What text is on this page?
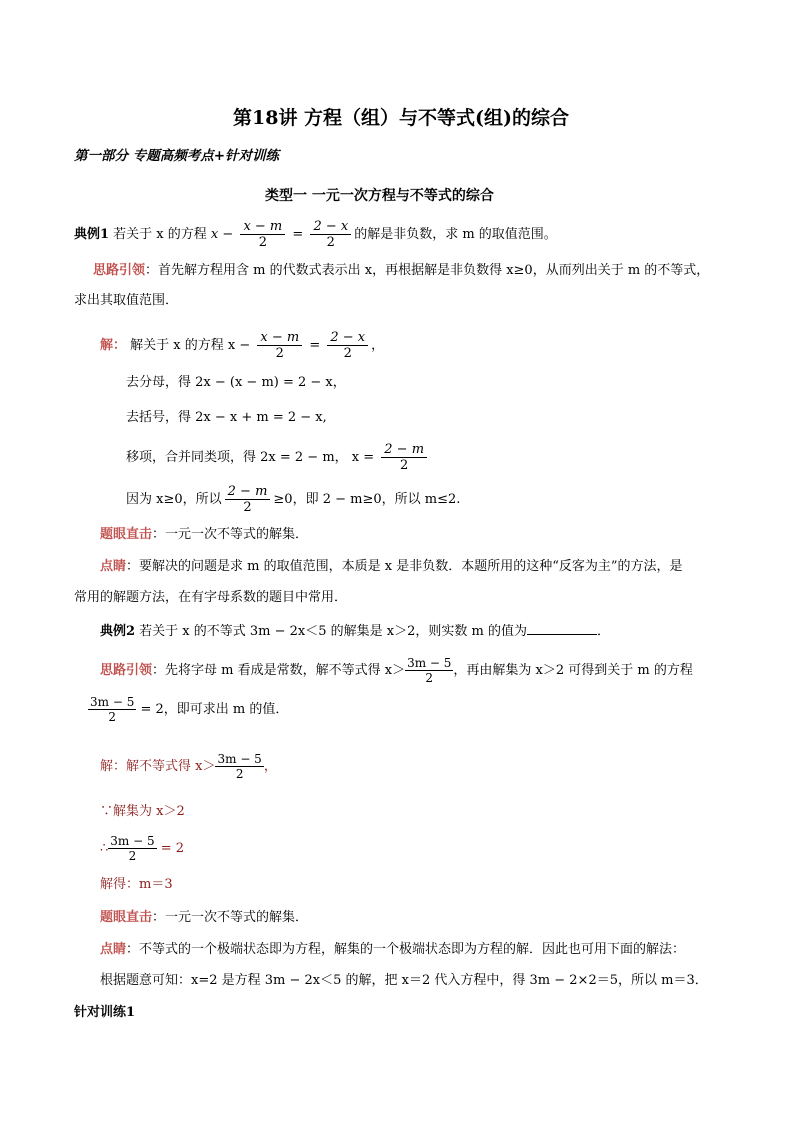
第18讲 方程（组）与不等式(组)的综合
第一部分 专题高频考点+针对训练
类型一 一元一次方程与不等式的综合
典例1 若关于 x 的方程 $x - \frac{x - m}{2} = \frac{2 - x}{2}$ 的解是非负数，求 m 的取值范围。
思路引领：首先解方程用含 m 的代数式表示出 x，再根据解是非负数得 x≥0，从而列出关于 m 的不等式，
求出其取值范围．
解： 解关于 x 的方程 $x - \frac{x - m}{2} = \frac{2 - x}{2}$ ，
去分母，得 2x − (x − m) = 2 − x，
去括号，得 2x − x + m = 2 − x,
移项，合并同类项，得 2x = 2 − m， $x = \frac{2 - m}{2}$
因为 x≥0，所以 $\frac{2 - m}{2} \ge 0$，即 2 − m≥0，所以 m≤2.
题眼直击：一元一次不等式的解集．
点睛：要解决的问题是求 m 的取值范围，本质是 x 是非负数．本题所用的这种“反客为主”的方法，是
常用的解题方法，在有字母系数的题目中常用．
典例2 若关于 x 的不等式 3m − 2x＜5 的解集是 x＞2，则实数 m 的值为	．
思路引领：先将字母 m 看成是常数，解不等式得 $x> \frac{3m - 5}{2}$ ，再由解集为 x＞2 可得到关于 m 的方程
$\frac{3m - 5}{2} = 2$，即可求出 m 的值．
解：解不等式得 $x> \frac{3m - 5}{2}$ ，
∵解集为 x＞2
∴ $\frac{3m - 5}{2} = 2$
解得：m＝3
题眼直击：一元一次不等式的解集．
点睛：不等式的一个极端状态即为方程，解集的一个极端状态即为方程的解．因此也可用下面的解法：
根据题意可知：x=2 是方程 3m − 2x＜5 的解，把 x＝2 代入方程中，得 3m − 2×2＝5，所以 m＝3．
针对训练1
